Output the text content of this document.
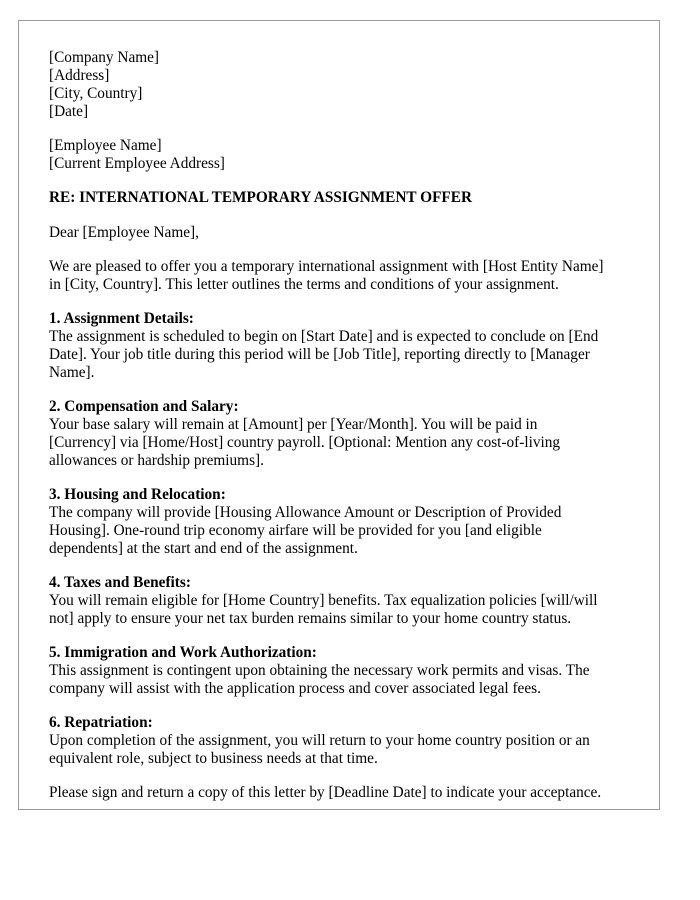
[Company Name]
[Address]
[City, Country]
[Date]
[Employee Name]
[Current Employee Address]
RE: INTERNATIONAL TEMPORARY ASSIGNMENT OFFER
Dear [Employee Name],
We are pleased to offer you a temporary international assignment with [Host Entity Name]
in [City, Country]. This letter outlines the terms and conditions of your assignment.
1. Assignment Details:
The assignment is scheduled to begin on [Start Date] and is expected to conclude on [End
Date]. Your job title during this period will be [Job Title], reporting directly to [Manager
Name].
2. Compensation and Salary:
Your base salary will remain at [Amount] per [Year/Month]. You will be paid in
[Currency] via [Home/Host] country payroll. [Optional: Mention any cost-of-living
allowances or hardship premiums].
3. Housing and Relocation:
The company will provide [Housing Allowance Amount or Description of Provided
Housing]. One-round trip economy airfare will be provided for you [and eligible
dependents] at the start and end of the assignment.
4. Taxes and Benefits:
You will remain eligible for [Home Country] benefits. Tax equalization policies [will/will
not] apply to ensure your net tax burden remains similar to your home country status.
5. Immigration and Work Authorization:
This assignment is contingent upon obtaining the necessary work permits and visas. The
company will assist with the application process and cover associated legal fees.
6. Repatriation:
Upon completion of the assignment, you will return to your home country position or an
equivalent role, subject to business needs at that time.
Please sign and return a copy of this letter by [Deadline Date] to indicate your acceptance.
